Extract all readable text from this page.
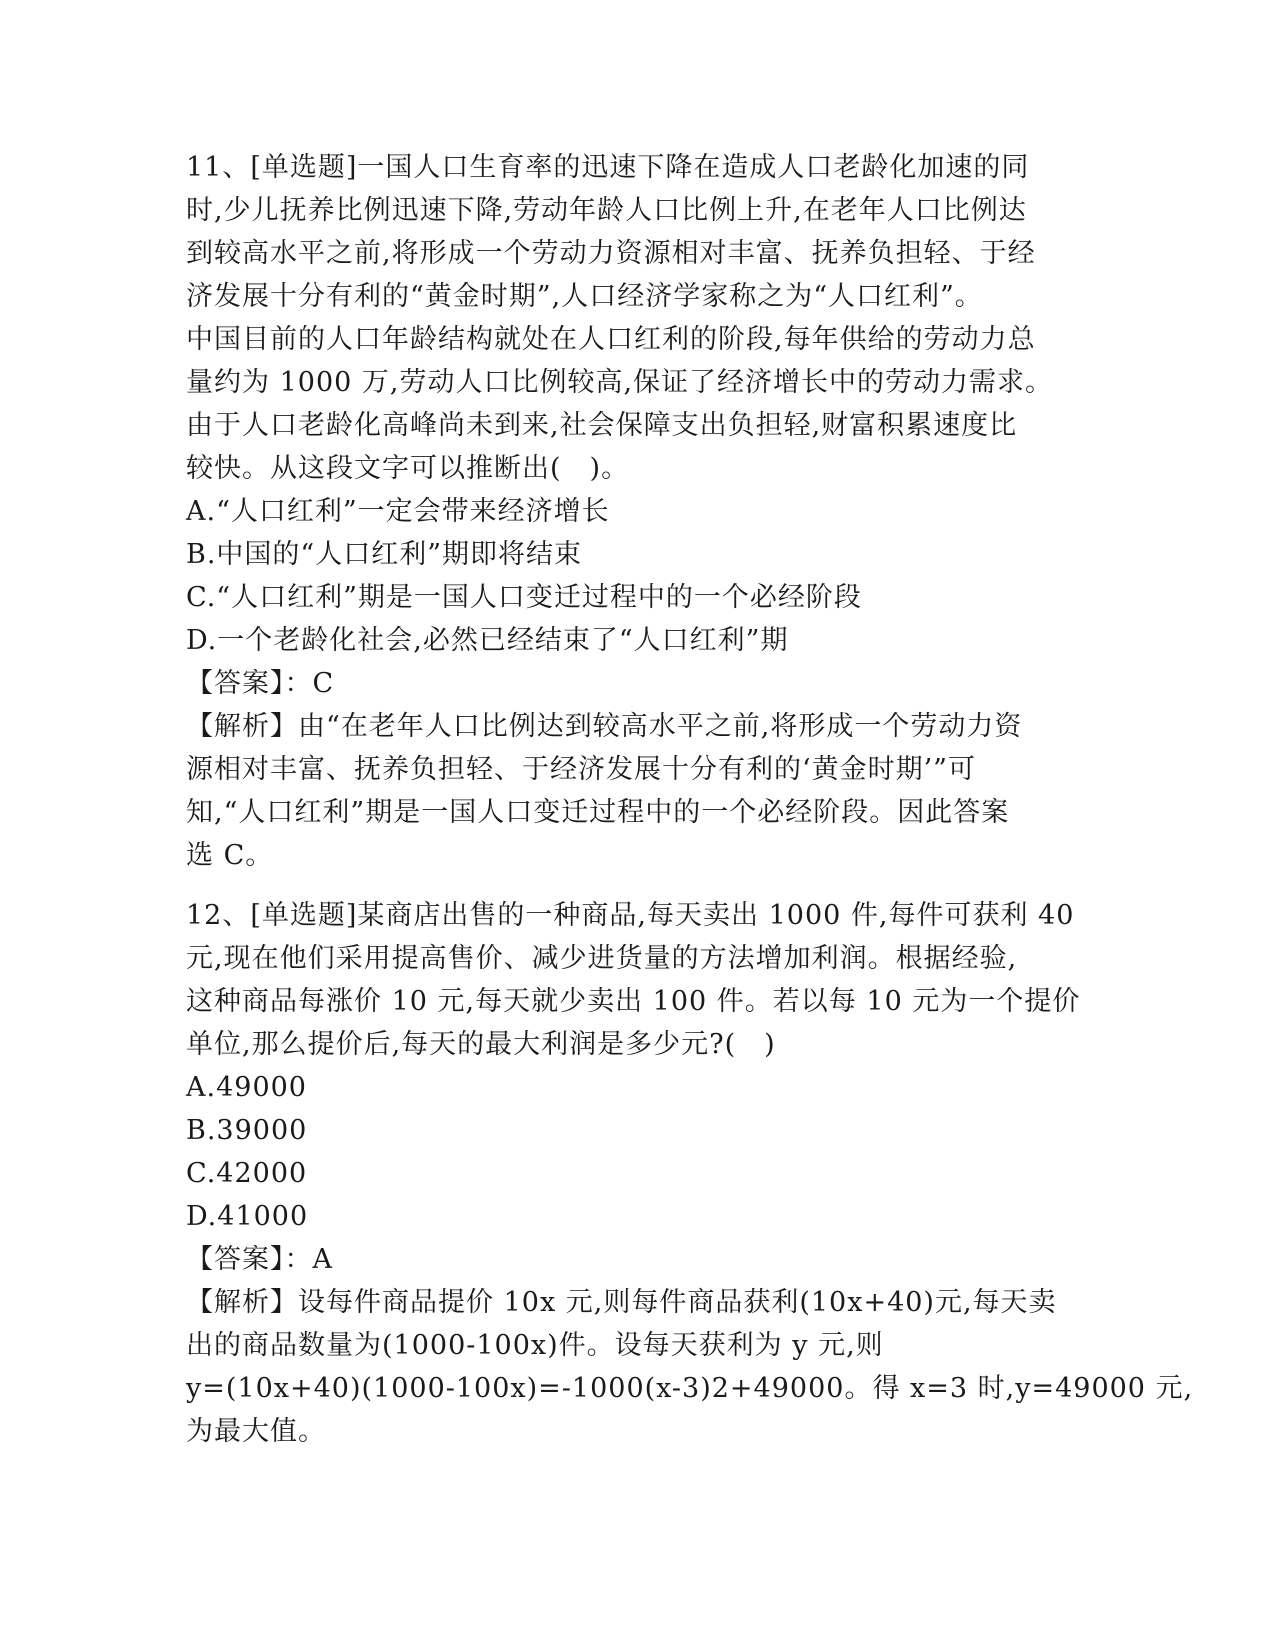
11、[单选题]一国人口生育率的迅速下降在造成人口老龄化加速的同
时,少儿抚养比例迅速下降,劳动年龄人口比例上升,在老年人口比例达
到较高水平之前,将形成一个劳动力资源相对丰富、抚养负担轻、于经
济发展十分有利的“黄金时期”,人口经济学家称之为“人口红利”。
中国目前的人口年龄结构就处在人口红利的阶段,每年供给的劳动力总
量约为 1000 万,劳动人口比例较高,保证了经济增长中的劳动力需求。
由于人口老龄化高峰尚未到来,社会保障支出负担轻,财富积累速度比
较快。从这段文字可以推断出(　)。
A.“人口红利”一定会带来经济增长
B.中国的“人口红利”期即将结束
C.“人口红利”期是一国人口变迁过程中的一个必经阶段
D.一个老龄化社会,必然已经结束了“人口红利”期
【答案】：C
【解析】由“在老年人口比例达到较高水平之前,将形成一个劳动力资
源相对丰富、抚养负担轻、于经济发展十分有利的‘黄金时期’”可
知,“人口红利”期是一国人口变迁过程中的一个必经阶段。因此答案
选 C。
12、[单选题]某商店出售的一种商品,每天卖出 1000 件,每件可获利 40
元,现在他们采用提高售价、减少进货量的方法增加利润。根据经验,
这种商品每涨价 10 元,每天就少卖出 100 件。若以每 10 元为一个提价
单位,那么提价后,每天的最大利润是多少元?(　)
A.49000
B.39000
C.42000
D.41000
【答案】：A
【解析】设每件商品提价 10x 元,则每件商品获利(10x+40)元,每天卖
出的商品数量为(1000-100x)件。设每天获利为 y 元,则
y=(10x+40)(1000-100x)=-1000(x-3)2+49000。得 x=3 时,y=49000 元,
为最大值。
